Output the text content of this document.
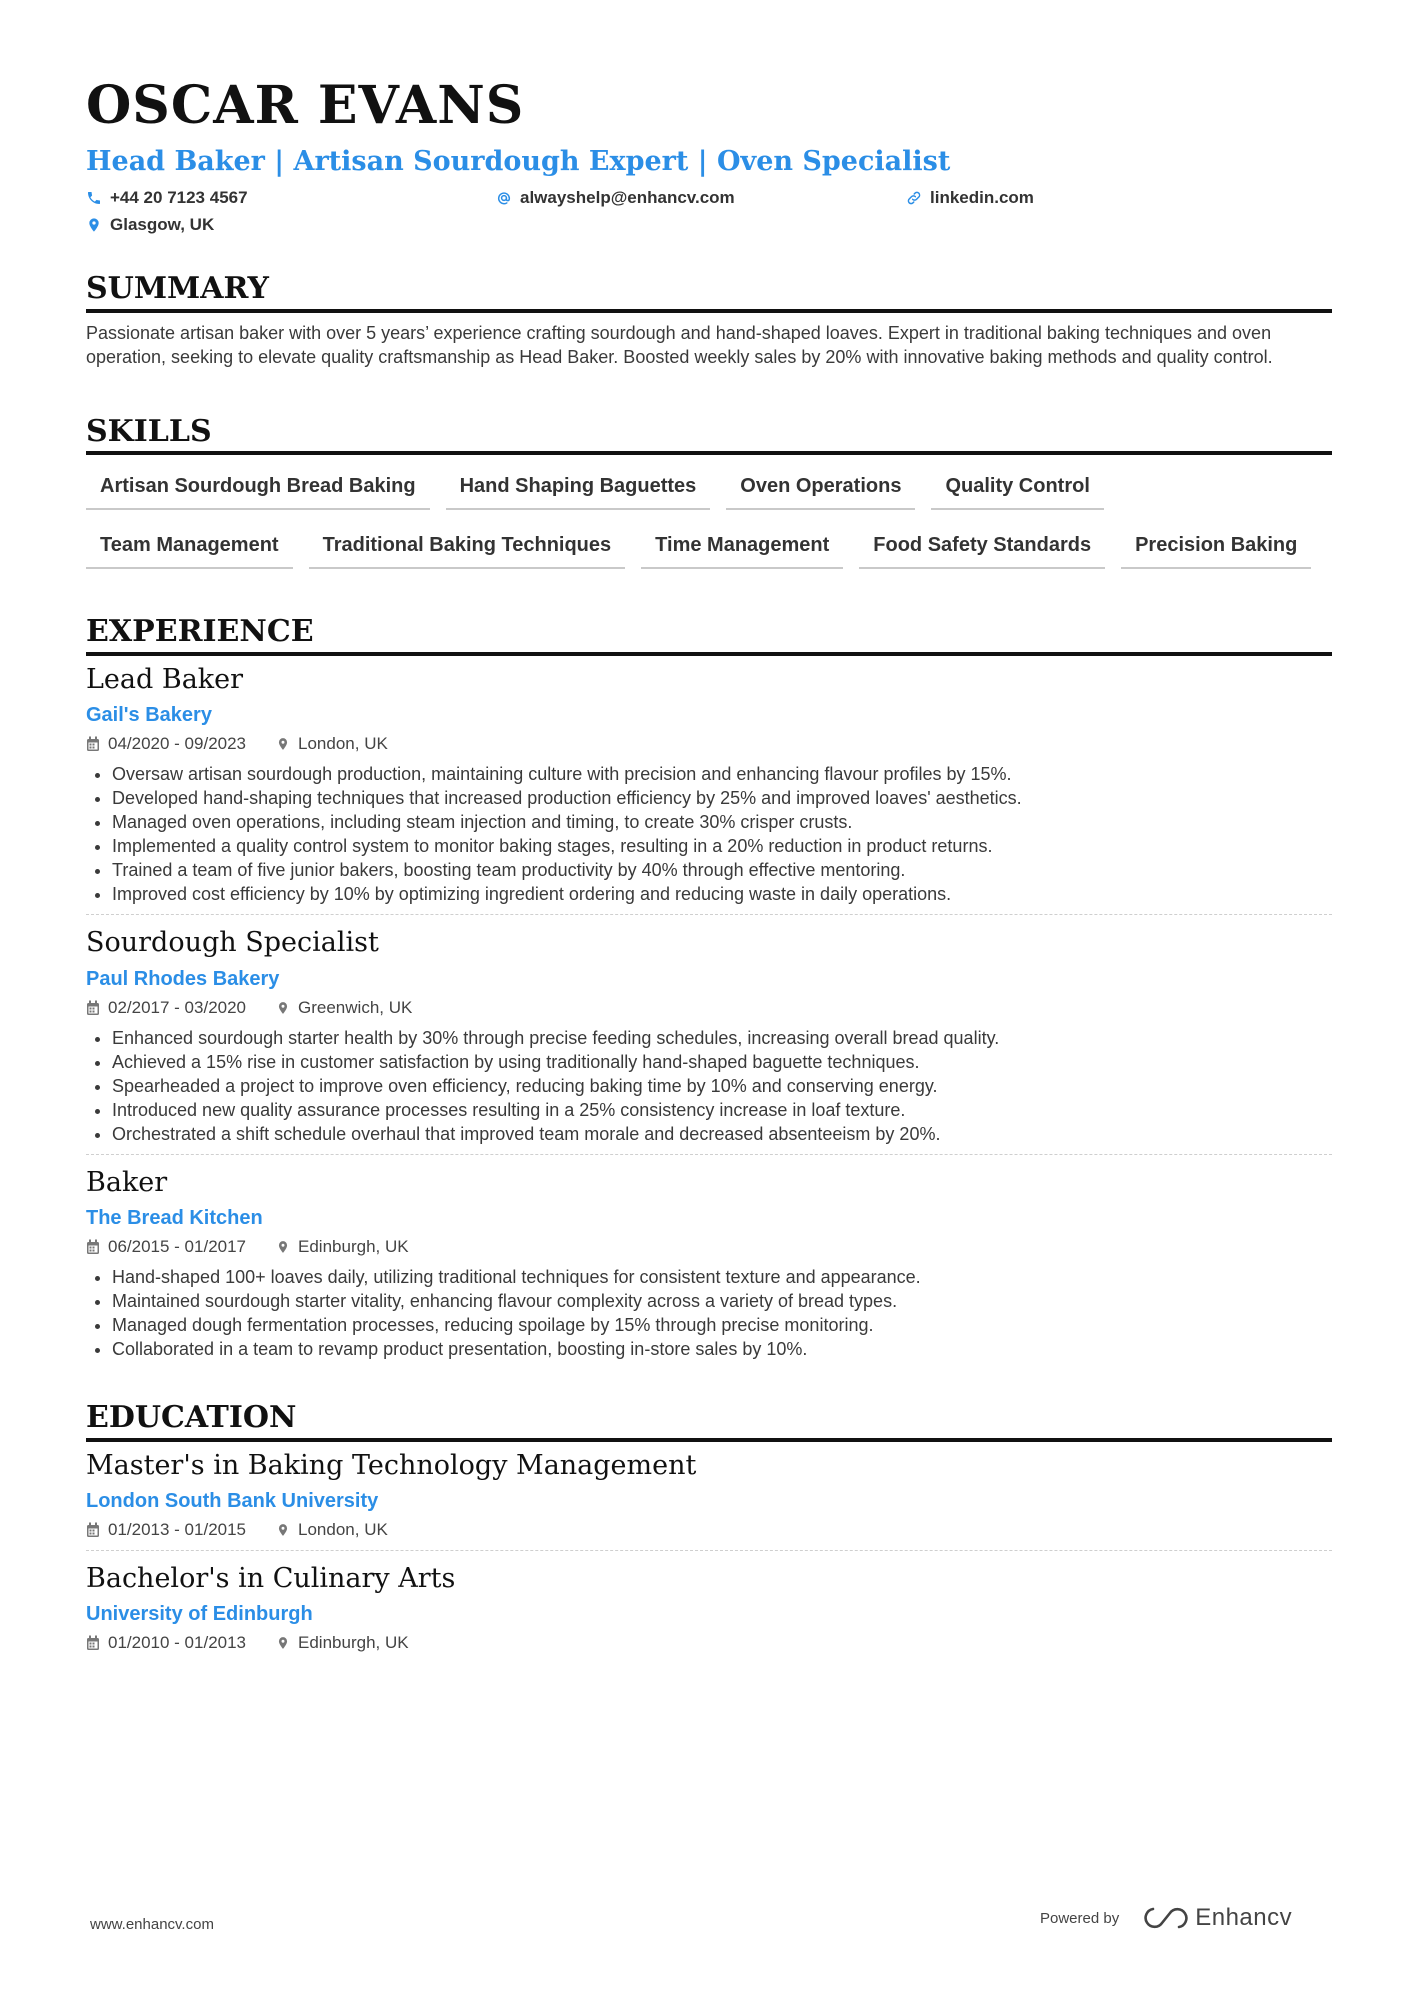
OSCAR EVANS
Head Baker | Artisan Sourdough Expert | Oven Specialist
+44 20 7123 4567	alwayshelp@enhancv.com	linkedin.com
Glasgow, UK
SUMMARY
Passionate artisan baker with over 5 years’ experience crafting sourdough and hand-shaped loaves. Expert in traditional baking techniques and oven operation, seeking to elevate quality craftsmanship as Head Baker. Boosted weekly sales by 20% with innovative baking methods and quality control.
SKILLS
Artisan Sourdough Bread Baking	Hand Shaping Baguettes	Oven Operations	Quality Control
Team Management	Traditional Baking Techniques	Time Management	Food Safety Standards	Precision Baking
EXPERIENCE
Lead Baker
Gail's Bakery
04/2020 - 09/2023	London, UK
• Oversaw artisan sourdough production, maintaining culture with precision and enhancing flavour profiles by 15%.
• Developed hand-shaping techniques that increased production efficiency by 25% and improved loaves' aesthetics.
• Managed oven operations, including steam injection and timing, to create 30% crisper crusts.
• Implemented a quality control system to monitor baking stages, resulting in a 20% reduction in product returns.
• Trained a team of five junior bakers, boosting team productivity by 40% through effective mentoring.
• Improved cost efficiency by 10% by optimizing ingredient ordering and reducing waste in daily operations.
Sourdough Specialist
Paul Rhodes Bakery
02/2017 - 03/2020	Greenwich, UK
• Enhanced sourdough starter health by 30% through precise feeding schedules, increasing overall bread quality.
• Achieved a 15% rise in customer satisfaction by using traditionally hand-shaped baguette techniques.
• Spearheaded a project to improve oven efficiency, reducing baking time by 10% and conserving energy.
• Introduced new quality assurance processes resulting in a 25% consistency increase in loaf texture.
• Orchestrated a shift schedule overhaul that improved team morale and decreased absenteeism by 20%.
Baker
The Bread Kitchen
06/2015 - 01/2017	Edinburgh, UK
• Hand-shaped 100+ loaves daily, utilizing traditional techniques for consistent texture and appearance.
• Maintained sourdough starter vitality, enhancing flavour complexity across a variety of bread types.
• Managed dough fermentation processes, reducing spoilage by 15% through precise monitoring.
• Collaborated in a team to revamp product presentation, boosting in-store sales by 10%.
EDUCATION
Master's in Baking Technology Management
London South Bank University
01/2013 - 01/2015	London, UK
Bachelor's in Culinary Arts
University of Edinburgh
01/2010 - 01/2013	Edinburgh, UK
www.enhancv.com	Powered by	Enhancv
